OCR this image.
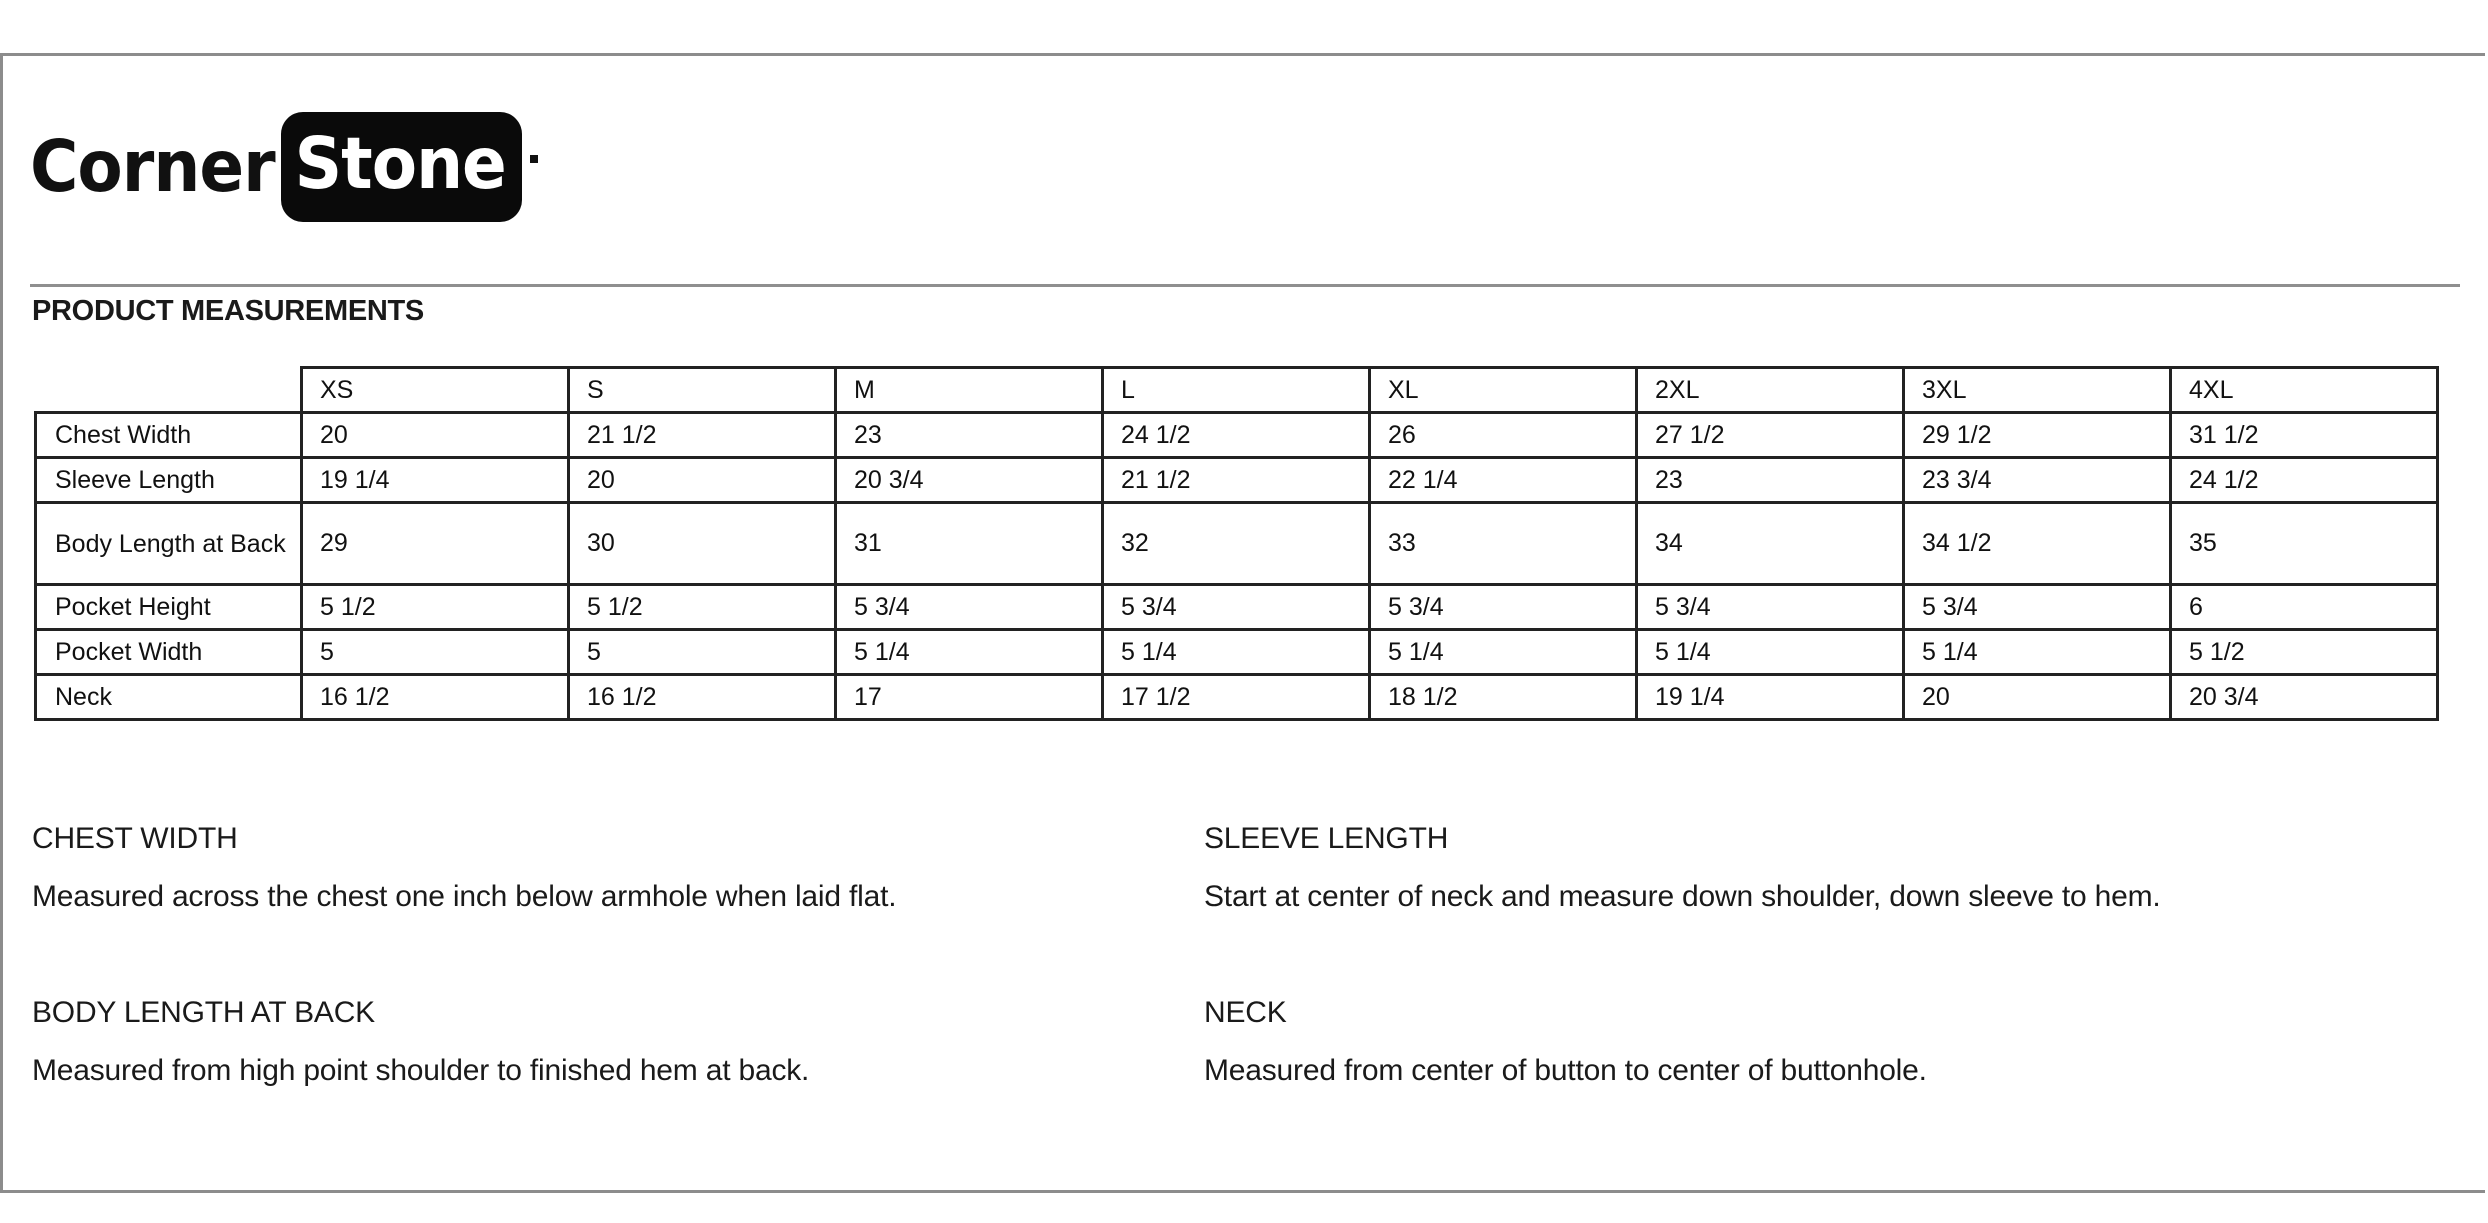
Corner Stone
PRODUCT MEASUREMENTS
	XS	S	M	L	XL	2XL	3XL	4XL
Chest Width	20	21 1/2	23	24 1/2	26	27 1/2	29 1/2	31 1/2
Sleeve Length	19 1/4	20	20 3/4	21 1/2	22 1/4	23	23 3/4	24 1/2
Body Length at Back	29	30	31	32	33	34	34 1/2	35
Pocket Height	5 1/2	5 1/2	5 3/4	5 3/4	5 3/4	5 3/4	5 3/4	6
Pocket Width	5	5	5 1/4	5 1/4	5 1/4	5 1/4	5 1/4	5 1/2
Neck	16 1/2	16 1/2	17	17 1/2	18 1/2	19 1/4	20	20 3/4
CHEST WIDTH
Measured across the chest one inch below armhole when laid flat.
SLEEVE LENGTH
Start at center of neck and measure down shoulder, down sleeve to hem.
BODY LENGTH AT BACK
Measured from high point shoulder to finished hem at back.
NECK
Measured from center of button to center of buttonhole.
